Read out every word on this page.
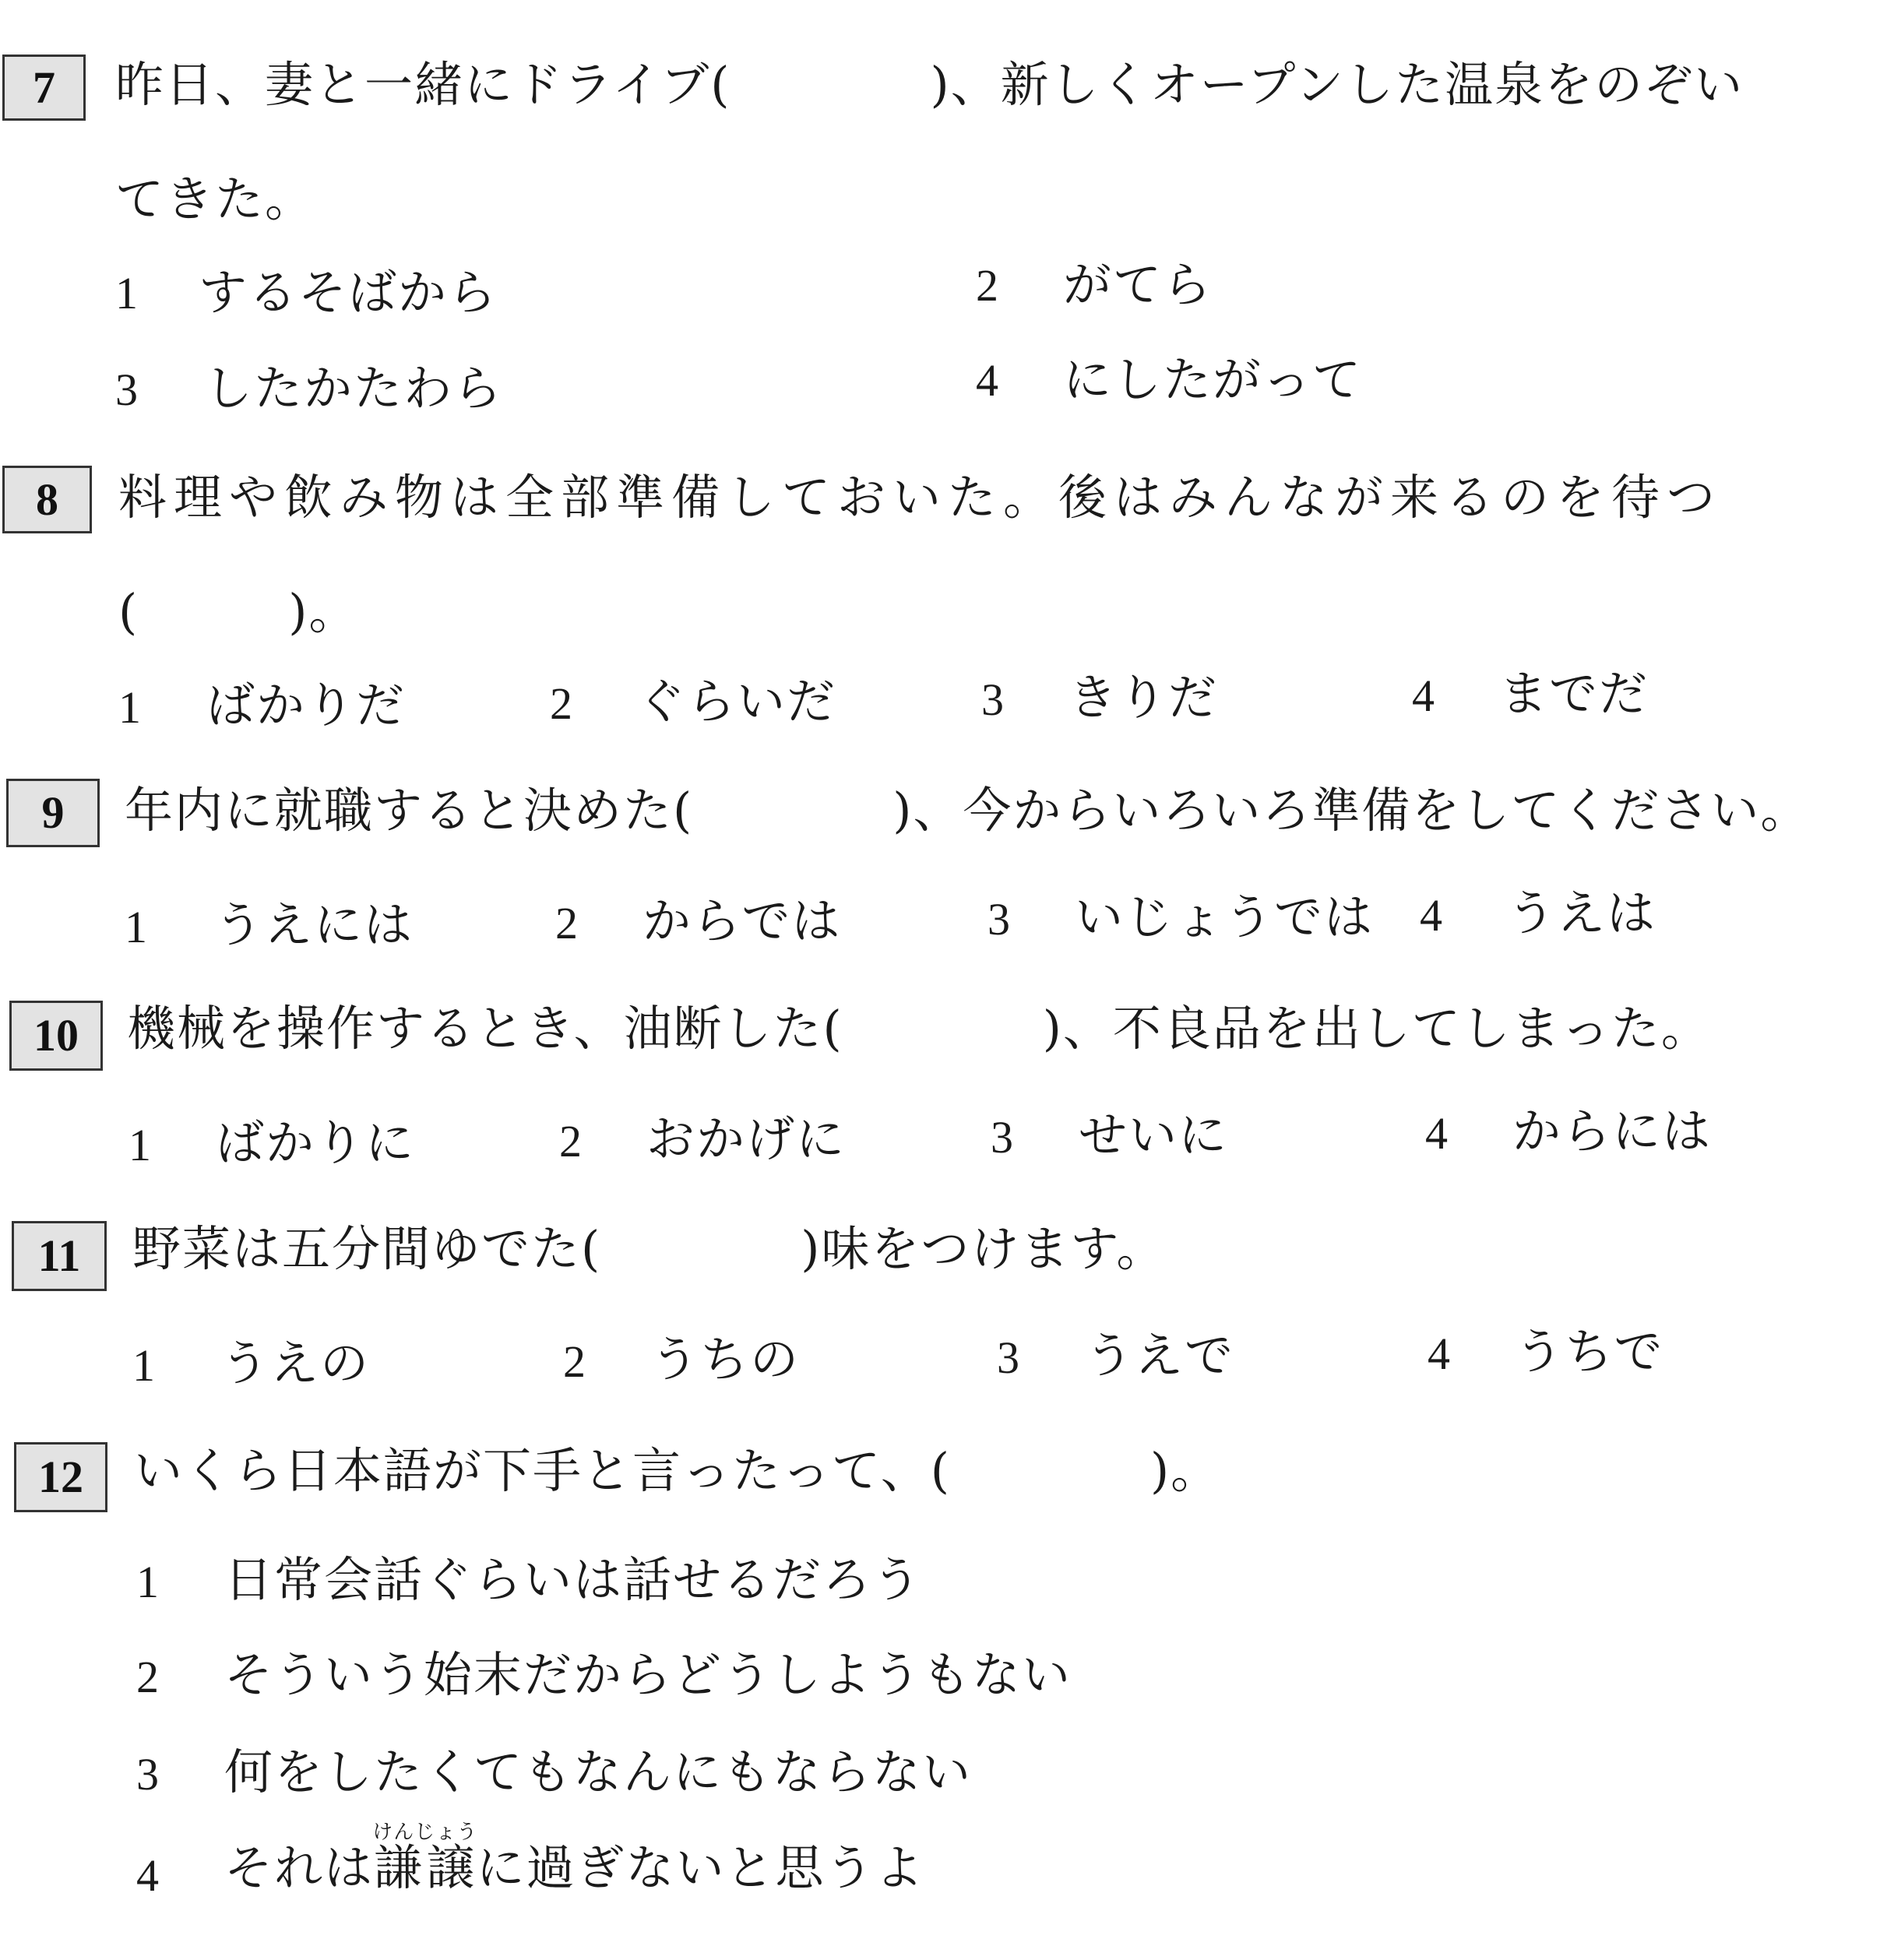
7	昨日、妻と一緒にドライブ(　　　　)、新しくオープンした温泉をのぞい
てきた。
1 するそばから	2 がてら
3 したかたわら	4 にしたがって
8	料理や飲み物は全部準備しておいた。後はみんなが来るのを待つ
(　　　)。
1 ばかりだ	2 ぐらいだ	3 きりだ	4 までだ
9	年内に就職すると決めた(　　　　)、今からいろいろ準備をしてください。
1 うえには	2 からでは	3 いじょうでは 4 うえは
10	機械を操作するとき、油断した(　　　　)、不良品を出してしまった。
1 ばかりに	2 おかげに	3 せいに	4 からには
11	野菜は五分間ゆでた(　　　　)味をつけます。
1 うえの	2 うちの	3 うえで	4 うちで
12	いくら日本語が下手と言ったって、(　　　　)。
1 日常会話ぐらいは話せるだろう
2 そういう始末だからどうしようもない
3 何をしたくてもなんにもならない
4 それは謙譲けんじょうに過ぎないと思うよ
